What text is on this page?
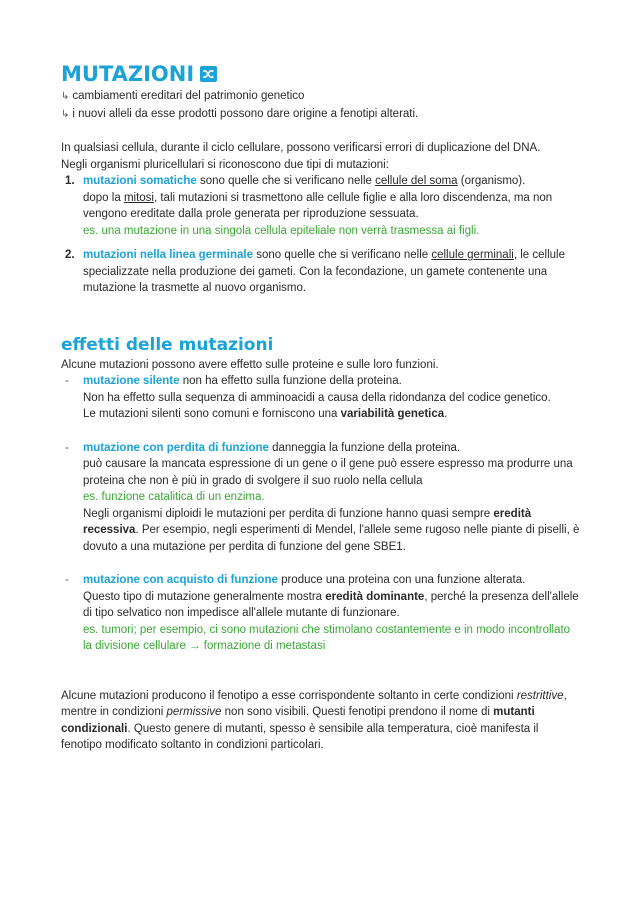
MUTAZIONI
↳ cambiamenti ereditari del patrimonio genetico
↳ i nuovi alleli da esse prodotti possono dare origine a fenotipi alterati.

In qualsiasi cellula, durante il ciclo cellulare, possono verificarsi errori di duplicazione del DNA.

Negli organismi pluricellulari si riconoscono due tipi di mutazioni:

1. mutazioni somatiche sono quelle che si verificano nelle cellule del soma (organismo).
dopo la mitosi, tali mutazioni si trasmettono alle cellule figlie e alla loro discendenza, ma non vengono ereditate dalla prole generata per riproduzione sessuata.
es. una mutazione in una singola cellula epiteliale non verrà trasmessa ai figli.
2. mutazioni nella linea germinale sono quelle che si verificano nelle cellule germinali, le cellule specializzate nella produzione dei gameti. Con la fecondazione, un gamete contenente una mutazione la trasmette al nuovo organismo.
effetti delle mutazioni

Alcune mutazioni possono avere effetto sulle proteine e sulle loro funzioni.

- mutazione silente non ha effetto sulla funzione della proteina.
Non ha effetto sulla sequenza di amminoacidi a causa della ridondanza del codice genetico.
Le mutazioni silenti sono comuni e forniscono una variabilità genetica.
- mutazione con perdita di funzione danneggia la funzione della proteina.
può causare la mancata espressione di un gene o il gene può essere espresso ma produrre una proteina che non è più in grado di svolgere il suo ruolo nella cellula
es. funzione catalitica di un enzima.
Negli organismi diploidi le mutazioni per perdita di funzione hanno quasi sempre eredità recessiva. Per esempio, negli esperimenti di Mendel, l'allele seme rugoso nelle piante di piselli, è dovuto a una mutazione per perdita di funzione del gene SBE1.
- mutazione con acquisto di funzione produce una proteina con una funzione alterata.
Questo tipo di mutazione generalmente mostra eredità dominante, perché la presenza dell'allele di tipo selvatico non impedisce all'allele mutante di funzionare.
es. tumori; per esempio, ci sono mutazioni che stimolano costantemente e in modo incontrollato la divisione cellulare → formazione di metastasi

Alcune mutazioni producono il fenotipo a esse corrispondente soltanto in certe condizioni restrittive, mentre in condizioni permissive non sono visibili. Questi fenotipi prendono il nome di mutanti condizionali. Questo genere di mutanti, spesso è sensibile alla temperatura, cioè manifesta il fenotipo modificato soltanto in condizioni particolari.
